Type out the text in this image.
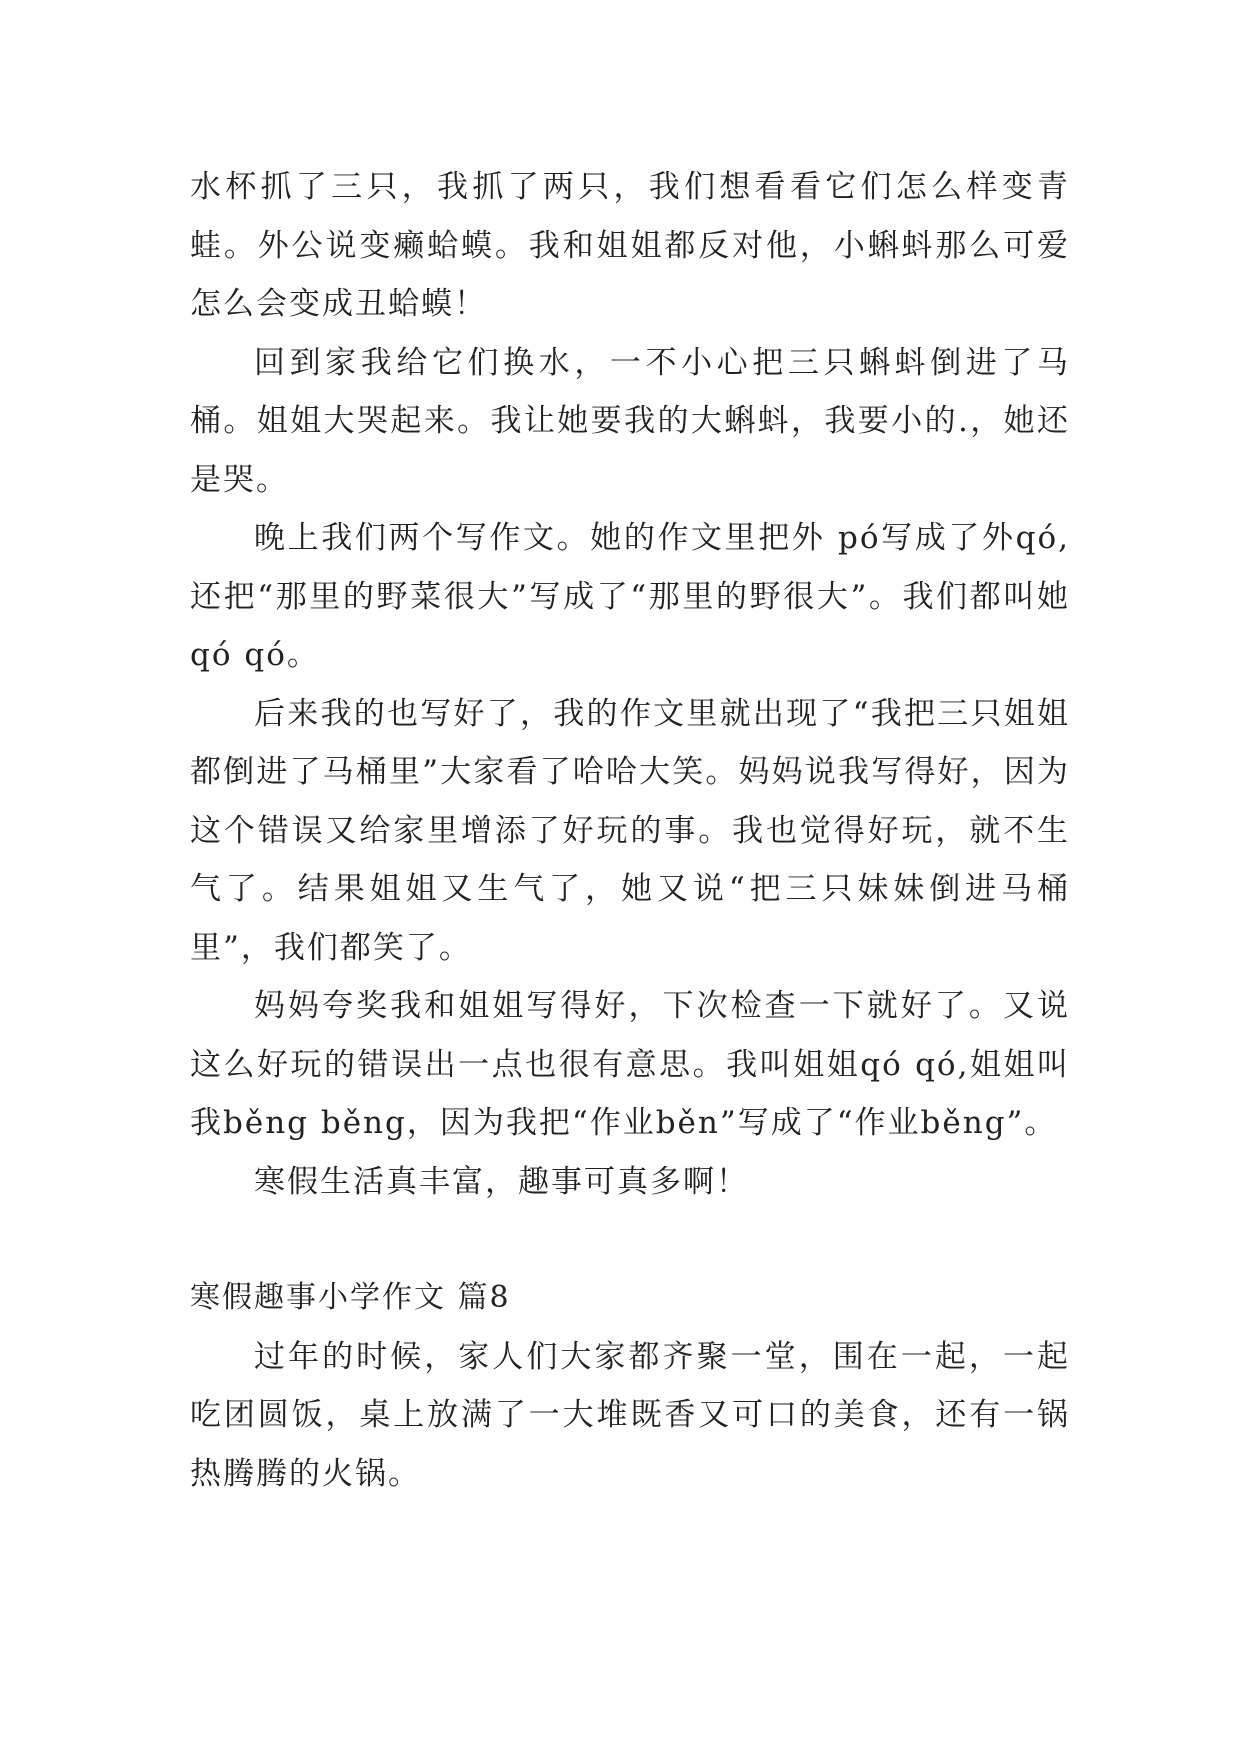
水杯抓了三只，我抓了两只，我们想看看它们怎么样变青蛙。外公说变癞蛤蟆。我和姐姐都反对他，小蝌蚪那么可爱怎么会变成丑蛤蟆！

回到家我给它们换水，一不小心把三只蝌蚪倒进了马桶。姐姐大哭起来。我让她要我的大蝌蚪，我要小的.，她还是哭。

晚上我们两个写作文。她的作文里把外 pó写成了外qó,还把“那里的野菜很大”写成了“那里的野很大”。我们都叫她qó qó。

后来我的也写好了，我的作文里就出现了“我把三只姐姐都倒进了马桶里”大家看了哈哈大笑。妈妈说我写得好，因为这个错误又给家里增添了好玩的事。我也觉得好玩，就不生气了。结果姐姐又生气了，她又说“把三只妹妹倒进马桶里”，我们都笑了。

妈妈夸奖我和姐姐写得好，下次检查一下就好了。又说这么好玩的错误出一点也很有意思。我叫姐姐qó qó,姐姐叫我běng běng，因为我把“作业běn”写成了“作业běng”。

寒假生活真丰富，趣事可真多啊！

寒假趣事小学作文 篇8

过年的时候，家人们大家都齐聚一堂，围在一起，一起吃团圆饭，桌上放满了一大堆既香又可口的美食，还有一锅热腾腾的火锅。
